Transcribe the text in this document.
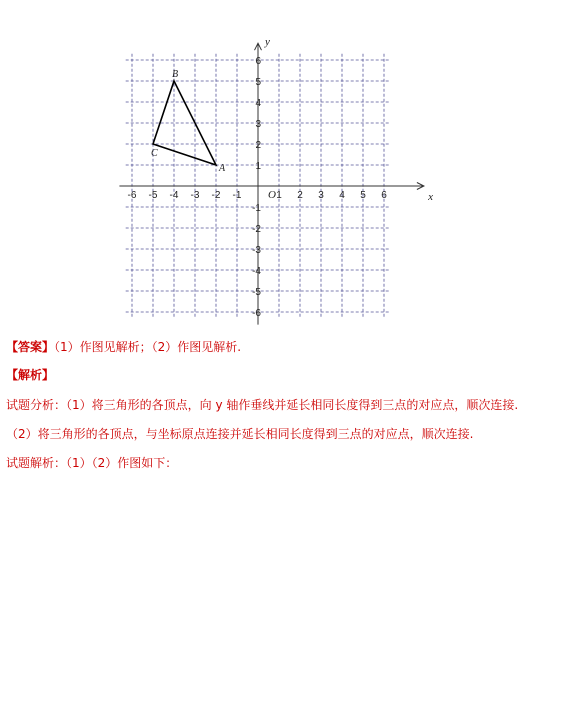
-6 -5 -4 -3 -2 -1	1 2 3 4 5 6
6
5
4
3
2
1
-1
-2
-3
-4
-5
-6
B
A
C
x
y
O
【答案】（1）作图见解析；（2）作图见解析.
【解析】
试题分析：（1）将三角形的各顶点，向 y 轴作垂线并延长相同长度得到三点的对应点，顺次连接.
（2）将三角形的各顶点，与坐标原点连接并延长相同长度得到三点的对应点，顺次连接.
试题解析：（1）（2）作图如下：
